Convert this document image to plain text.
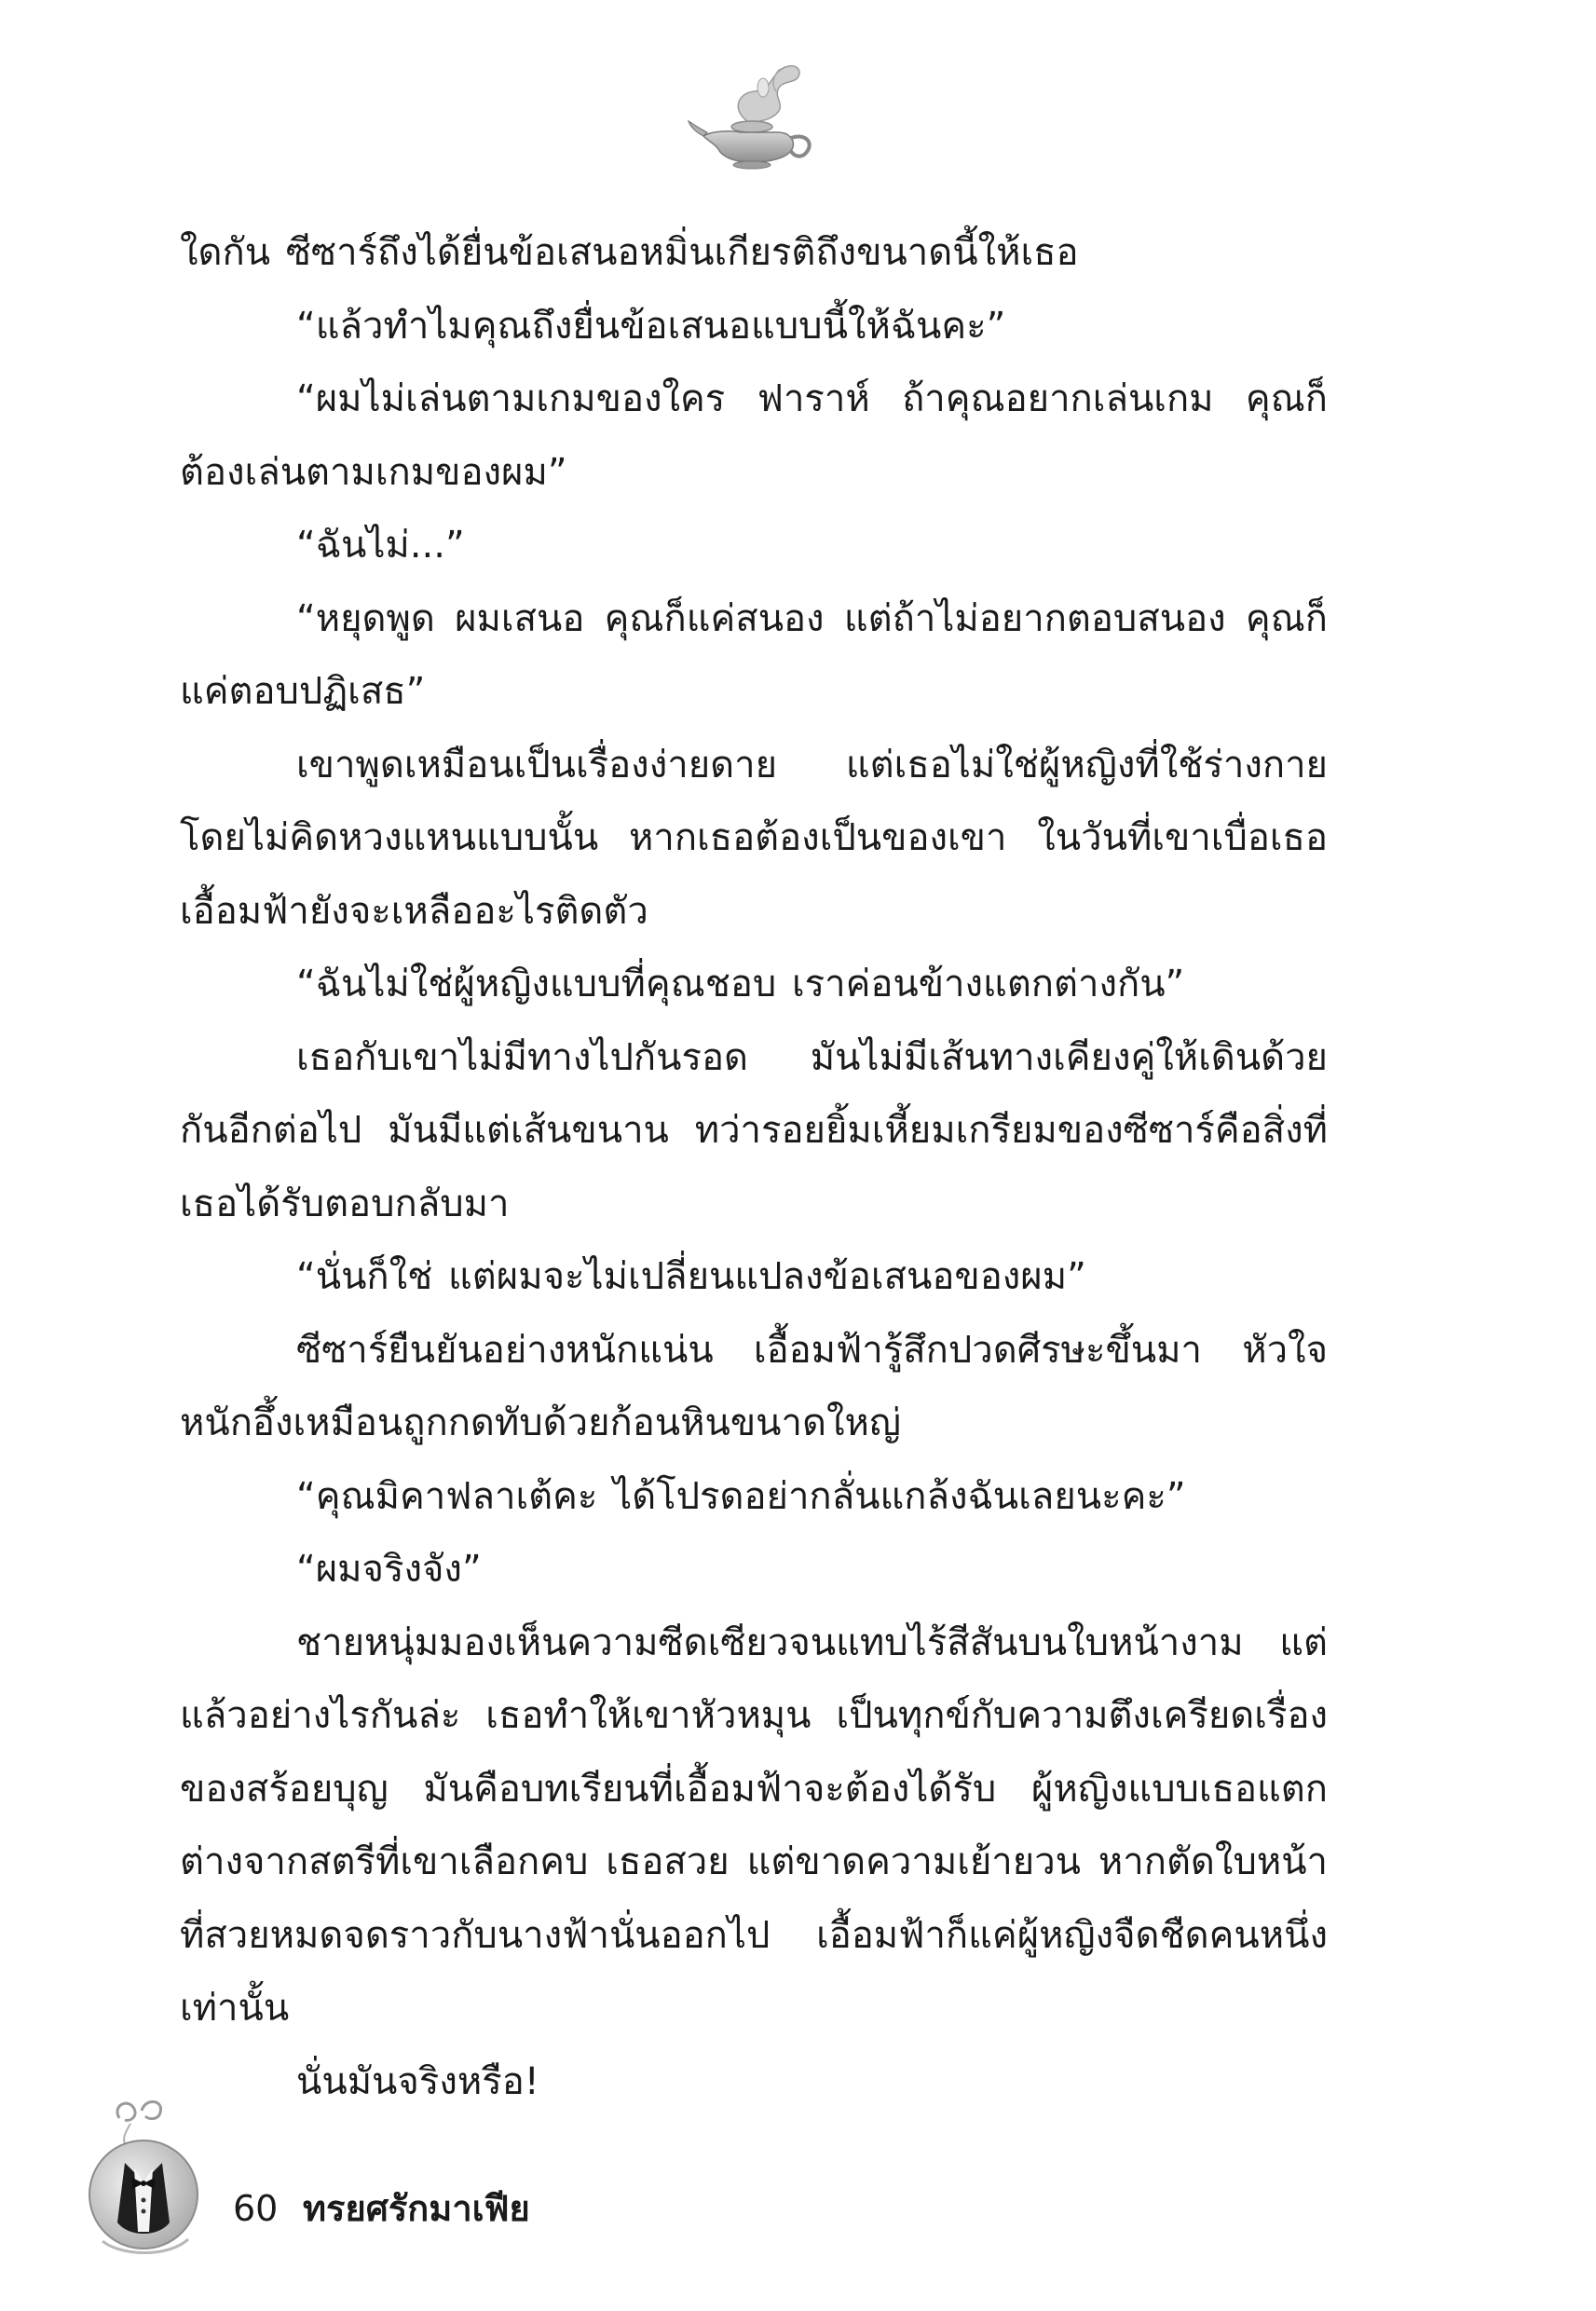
ใดกัน ซีซาร์ถึงได้ยื่นข้อเสนอหมิ่นเกียรติถึงขนาดนี้ให้เธอ

“แล้วทำไมคุณถึงยื่นข้อเสนอแบบนี้ให้ฉันคะ”

“ผมไม่เล่นตามเกมของใคร ฟาราห์ ถ้าคุณอยากเล่นเกม คุณก็ต้องเล่นตามเกมของผม”

“ฉันไม่...”

“หยุดพูด ผมเสนอ คุณก็แค่สนอง แต่ถ้าไม่อยากตอบสนอง คุณก็แค่ตอบปฏิเสธ”

เขาพูดเหมือนเป็นเรื่องง่ายดาย แต่เธอไม่ใช่ผู้หญิงที่ใช้ร่างกายโดยไม่คิดหวงแหนแบบนั้น หากเธอต้องเป็นของเขา ในวันที่เขาเบื่อเธอ เอื้อมฟ้ายังจะเหลืออะไรติดตัว

“ฉันไม่ใช่ผู้หญิงแบบที่คุณชอบ เราค่อนข้างแตกต่างกัน”

เธอกับเขาไม่มีทางไปกันรอด มันไม่มีเส้นทางเคียงคู่ให้เดินด้วยกันอีกต่อไป มันมีแต่เส้นขนาน ทว่ารอยยิ้มเหี้ยมเกรียมของซีซาร์คือสิ่งที่เธอได้รับตอบกลับมา

“นั่นก็ใช่ แต่ผมจะไม่เปลี่ยนแปลงข้อเสนอของผม”

ซีซาร์ยืนยันอย่างหนักแน่น เอื้อมฟ้ารู้สึกปวดศีรษะขึ้นมา หัวใจหนักอึ้งเหมือนถูกกดทับด้วยก้อนหินขนาดใหญ่

“คุณมิคาฟลาเต้คะ ได้โปรดอย่ากลั่นแกล้งฉันเลยนะคะ”

“ผมจริงจัง”

ชายหนุ่มมองเห็นความซีดเซียวจนแทบไร้สีสันบนใบหน้างาม แต่แล้วอย่างไรกันล่ะ เธอทำให้เขาหัวหมุน เป็นทุกข์กับความตึงเครียดเรื่องของสร้อยบุญ มันคือบทเรียนที่เอื้อมฟ้าจะต้องได้รับ ผู้หญิงแบบเธอแตกต่างจากสตรีที่เขาเลือกคบ เธอสวย แต่ขาดความเย้ายวน หากตัดใบหน้าที่สวยหมดจดราวกับนางฟ้านั่นออกไป เอื้อมฟ้าก็แค่ผู้หญิงจืดชืดคนหนึ่งเท่านั้น

นั่นมันจริงหรือ!

60 ทรยศรักมาเฟีย
